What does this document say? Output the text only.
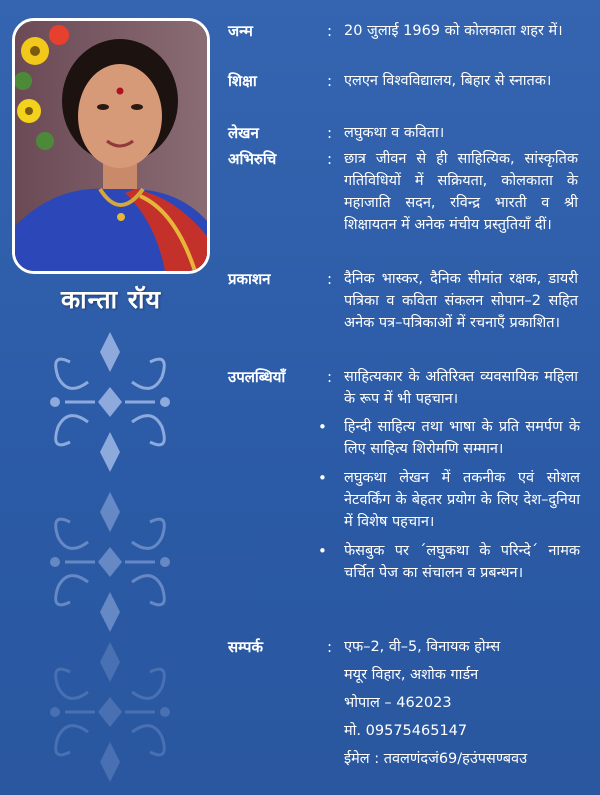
कान्ता रॉय
जन्म	: 20 जुलाई 1969 को कोलकाता शहर में।
शिक्षा	: एलएन विश्वविद्यालय, बिहार से स्नातक।
लेखन	: लघुकथा व कविता।
अभिरुचि	: छात्र जीवन से ही साहित्यिक, सांस्कृतिक गतिविधियों में सक्रियता, कोलकाता के महाजाति सदन, रविन्द्र भारती व श्री शिक्षायतन में अनेक मंचीय प्रस्तुतियाँ दीं।
प्रकाशन	: दैनिक भास्कर, दैनिक सीमांत रक्षक, डायरी पत्रिका व कविता संकलन सोपान–2 सहित अनेक पत्र–पत्रिकाओं में रचनाएँ प्रकाशित।
उपलब्धियाँ	: साहित्यकार के अतिरिक्त व्यवसायिक महिला के रूप में भी पहचान।
• हिन्दी साहित्य तथा भाषा के प्रति समर्पण के लिए साहित्य शिरोमणि सम्मान।
• लघुकथा लेखन में तकनीक एवं सोशल नेटवर्किंग के बेहतर प्रयोग के लिए देश–दुनिया में विशेष पहचान।
• फेसबुक पर ´लघुकथा के परिन्दे´ नामक चर्चित पेज का संचालन व प्रबन्धन।
सम्पर्क	: एफ–2, वी–5, विनायक होम्स
मयूर विहार, अशोक गार्डन
भोपाल – 462023
मो. 09575465147
ईमेल : तवलणंदजं69/हउंपसण्बवउ
